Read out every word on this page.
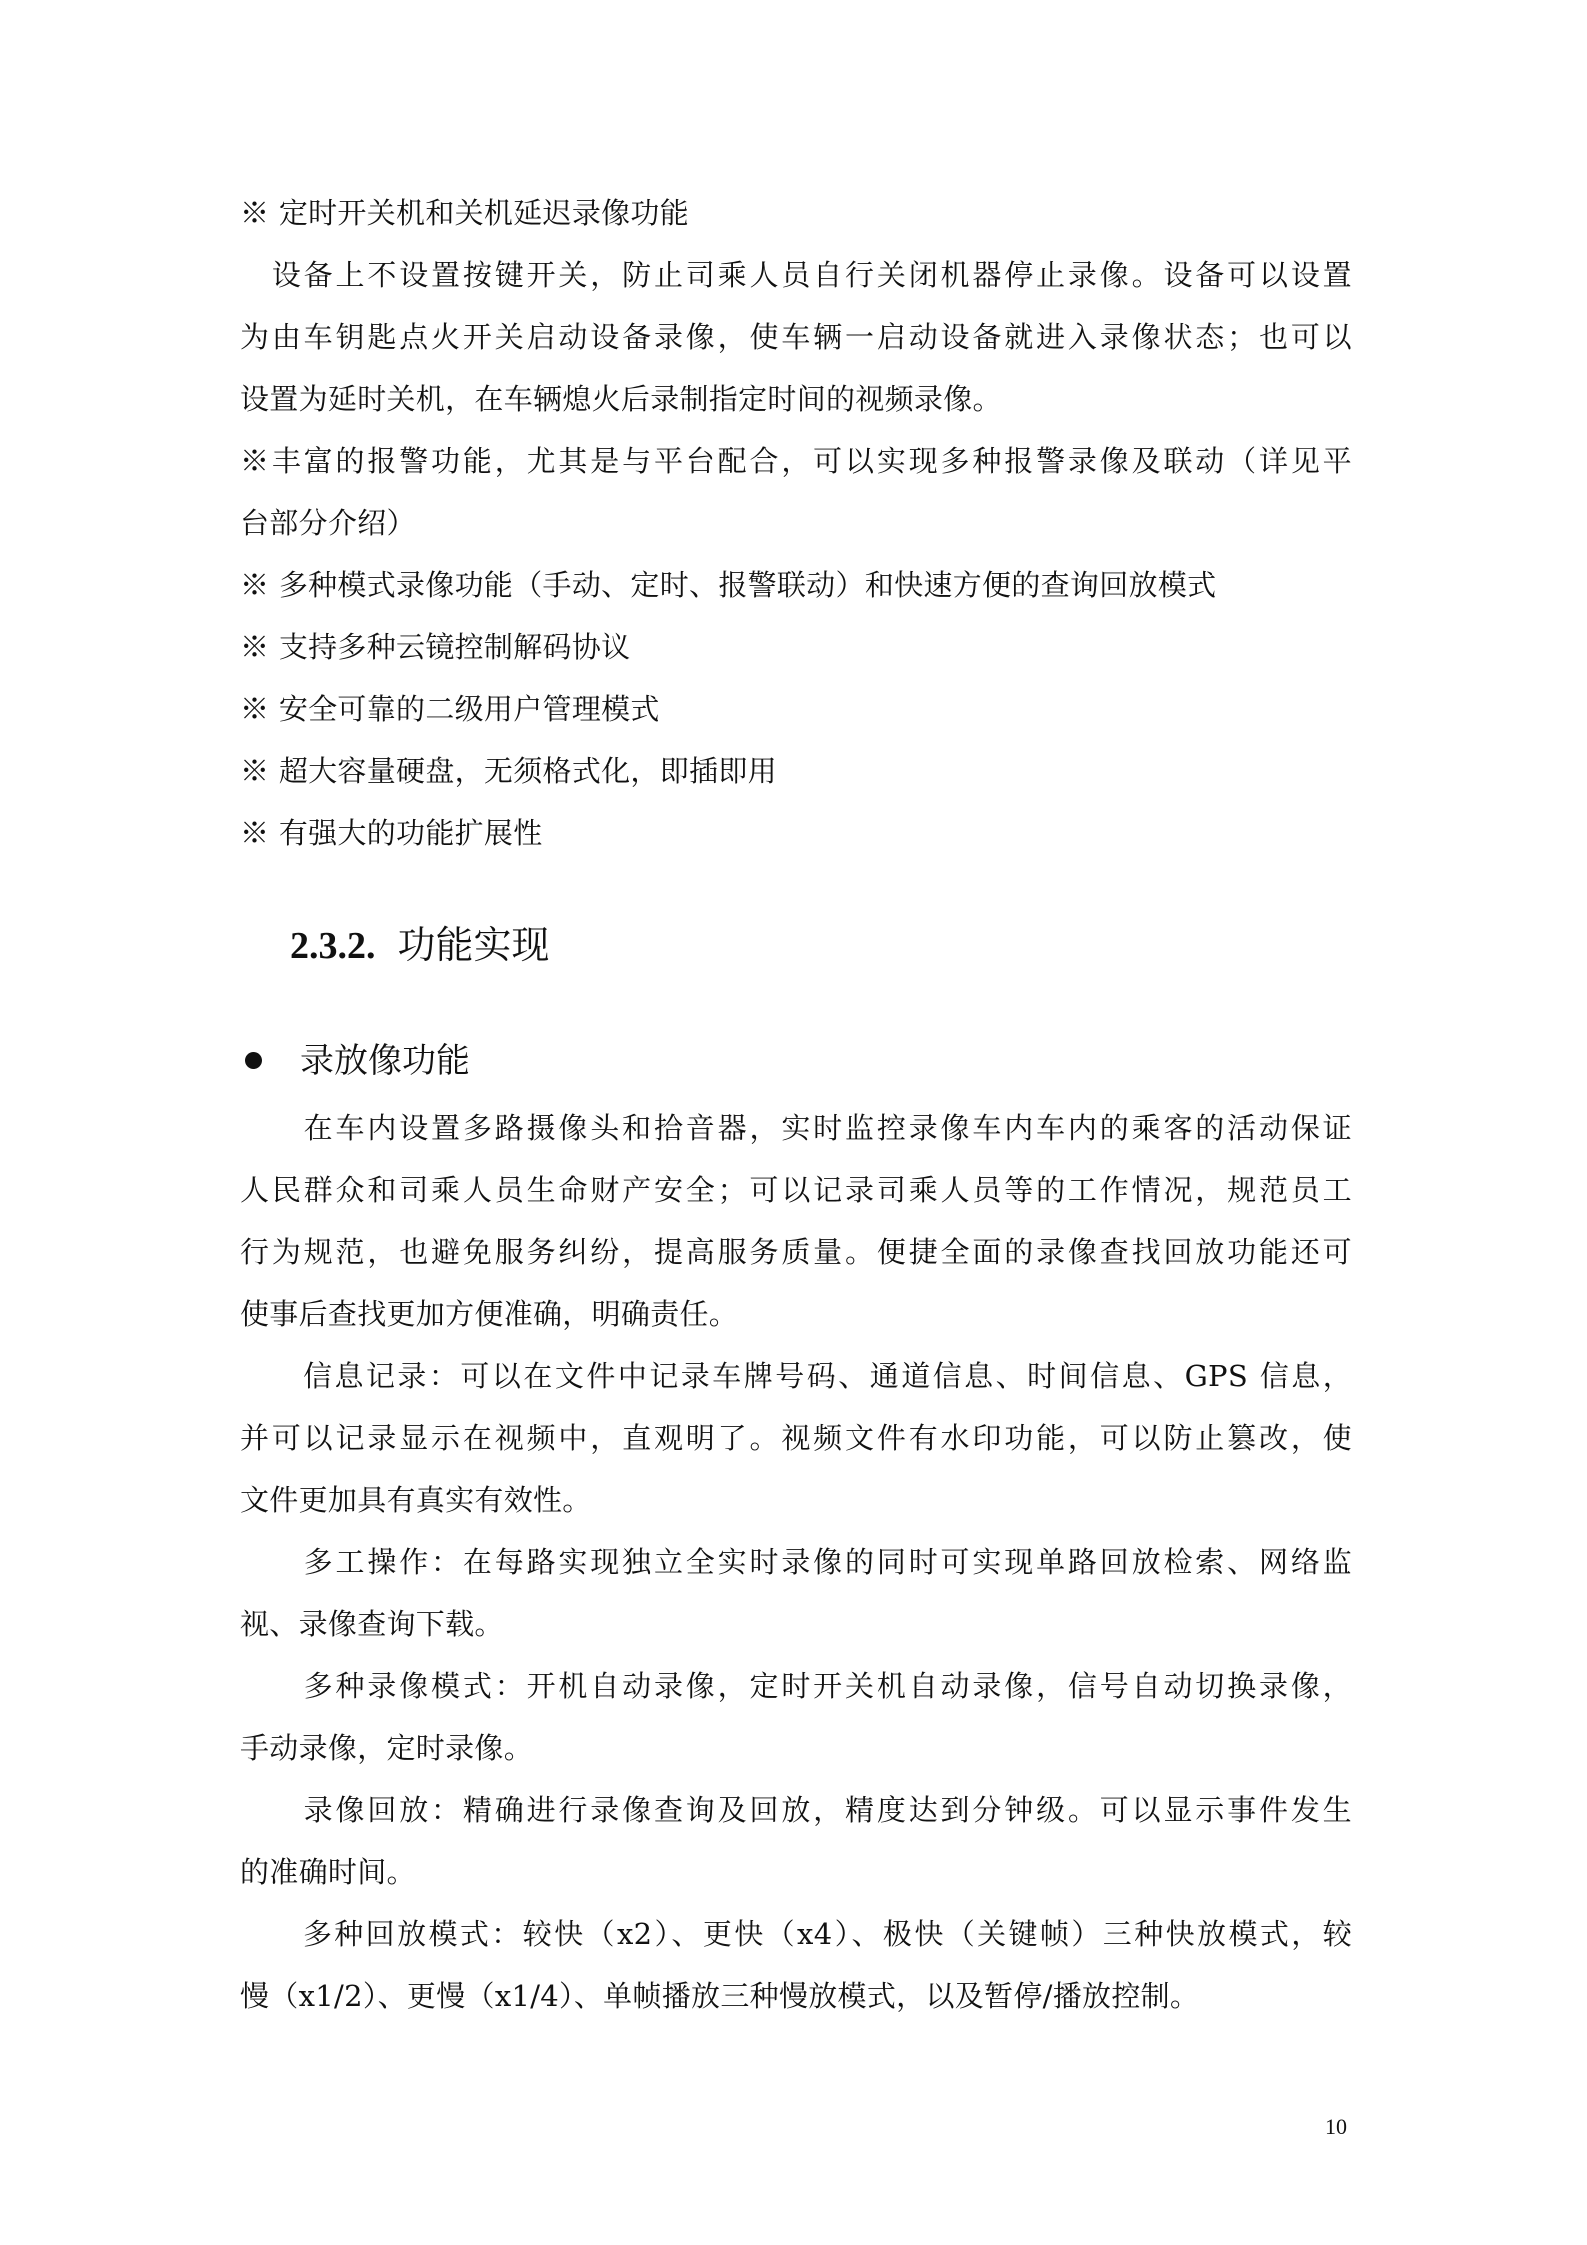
※ 定时开关机和关机延迟录像功能
　设备上不设置按键开关，防止司乘人员自行关闭机器停止录像。设备可以设置
为由车钥匙点火开关启动设备录像，使车辆一启动设备就进入录像状态；也可以
设置为延时关机，在车辆熄火后录制指定时间的视频录像。
※丰富的报警功能，尤其是与平台配合，可以实现多种报警录像及联动（详见平
台部分介绍）
※ 多种模式录像功能（手动、定时、报警联动）和快速方便的查询回放模式
※ 支持多种云镜控制解码协议
※ 安全可靠的二级用户管理模式
※ 超大容量硬盘，无须格式化，即插即用
※ 有强大的功能扩展性
2.3.2. 功能实现
录放像功能
　　在车内设置多路摄像头和拾音器，实时监控录像车内车内的乘客的活动保证
人民群众和司乘人员生命财产安全；可以记录司乘人员等的工作情况，规范员工
行为规范，也避免服务纠纷，提高服务质量。便捷全面的录像查找回放功能还可
使事后查找更加方便准确，明确责任。
　　信息记录：可以在文件中记录车牌号码、通道信息、时间信息、GPS 信息，
并可以记录显示在视频中，直观明了。视频文件有水印功能，可以防止篡改，使
文件更加具有真实有效性。
　　多工操作：在每路实现独立全实时录像的同时可实现单路回放检索、网络监
视、录像查询下载。
　　多种录像模式：开机自动录像，定时开关机自动录像，信号自动切换录像，
手动录像，定时录像。
　　录像回放：精确进行录像查询及回放，精度达到分钟级。可以显示事件发生
的准确时间。
　　多种回放模式：较快（x2）、更快（x4）、极快（关键帧）三种快放模式，较
慢（x1/2）、更慢（x1/4）、单帧播放三种慢放模式，以及暂停/播放控制。
10
